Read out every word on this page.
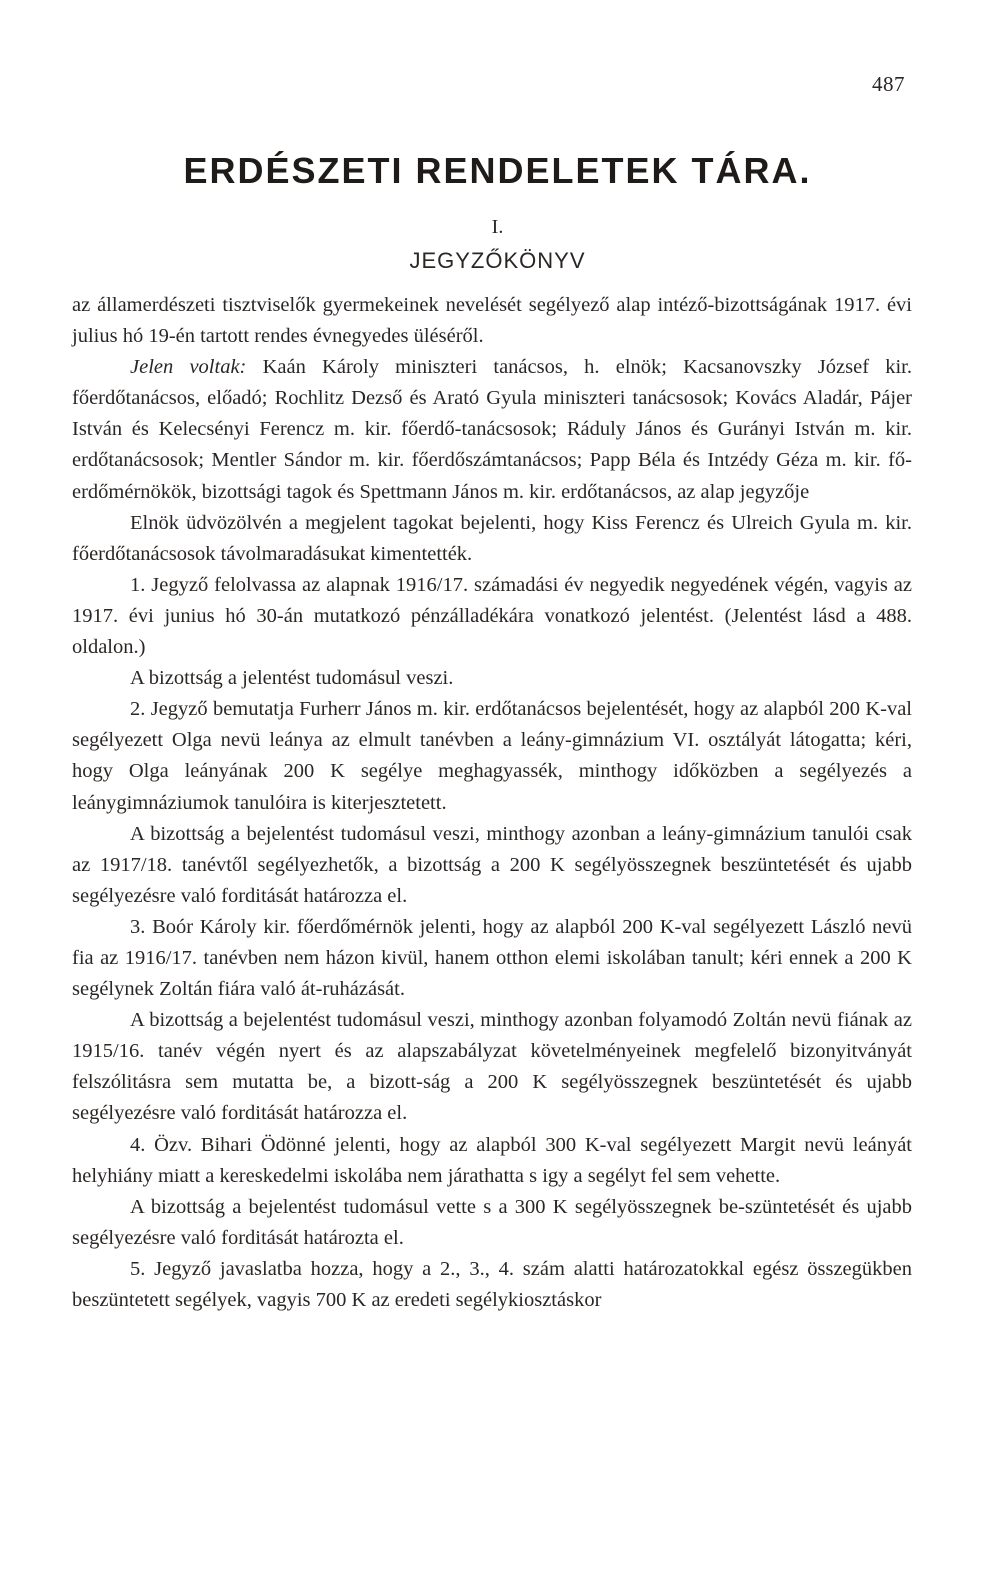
487
ERDÉSZETI RENDELETEK TÁRA.
I.
JEGYZŐKÖNYV

az államerdészeti tisztviselők gyermekeinek nevelését segélyező alap intéző-bizottságának 1917. évi julius hó 19-én tartott rendes évnegyedes üléséről.

Jelen voltak: Kaán Károly miniszteri tanácsos, h. elnök; Kacsanovszky József kir. főerdőtanácsos, előadó; Rochlitz Dezső és Arató Gyula miniszteri tanácsosok; Kovács Aladár, Pájer István és Kelecsényi Ferencz m. kir. főerdő-tanácsosok; Ráduly János és Gurányi István m. kir. erdőtanácsosok; Mentler Sándor m. kir. főerdőszámtanácsos; Papp Béla és Intzédy Géza m. kir. fő-erdőmérnökök, bizottsági tagok és Spettmann János m. kir. erdőtanácsos, az alap jegyzője

Elnök üdvözölvén a megjelent tagokat bejelenti, hogy Kiss Ferencz és Ulreich Gyula m. kir. főerdőtanácsosok távolmaradásukat kimentették.

1. Jegyző felolvassa az alapnak 1916/17. számadási év negyedik negyedének végén, vagyis az 1917. évi junius hó 30-án mutatkozó pénzálladékára vonatkozó jelentést. (Jelentést lásd a 488. oldalon.)

A bizottság a jelentést tudomásul veszi.

2. Jegyző bemutatja Furherr János m. kir. erdőtanácsos bejelentését, hogy az alapból 200 K-val segélyezett Olga nevü leánya az elmult tanévben a leány-gimnázium VI. osztályát látogatta; kéri, hogy Olga leányának 200 K segélye meghagyassék, minthogy időközben a segélyezés a leánygimnáziumok tanulóira is kiterjesztetett.

A bizottság a bejelentést tudomásul veszi, minthogy azonban a leány-gimnázium tanulói csak az 1917/18. tanévtől segélyezhetők, a bizottság a 200 K segélyösszegnek beszüntetését és ujabb segélyezésre való forditását határozza el.

3. Boór Károly kir. főerdőmérnök jelenti, hogy az alapból 200 K-val segélyezett László nevü fia az 1916/17. tanévben nem házon kivül, hanem otthon elemi iskolában tanult; kéri ennek a 200 K segélynek Zoltán fiára való át-ruházását.

A bizottság a bejelentést tudomásul veszi, minthogy azonban folyamodó Zoltán nevü fiának az 1915/16. tanév végén nyert és az alapszabályzat követelményeinek megfelelő bizonyitványát felszólitásra sem mutatta be, a bizott-ság a 200 K segélyösszegnek beszüntetését és ujabb segélyezésre való forditását határozza el.

4. Özv. Bihari Ödönné jelenti, hogy az alapból 300 K-val segélyezett Margit nevü leányát helyhiány miatt a kereskedelmi iskolába nem járathatta s igy a segélyt fel sem vehette.

A bizottság a bejelentést tudomásul vette s a 300 K segélyösszegnek be-szüntetését és ujabb segélyezésre való forditását határozta el.

5. Jegyző javaslatba hozza, hogy a 2., 3., 4. szám alatti határozatokkal egész összegükben beszüntetett segélyek, vagyis 700 K az eredeti segélykiosztáskor
